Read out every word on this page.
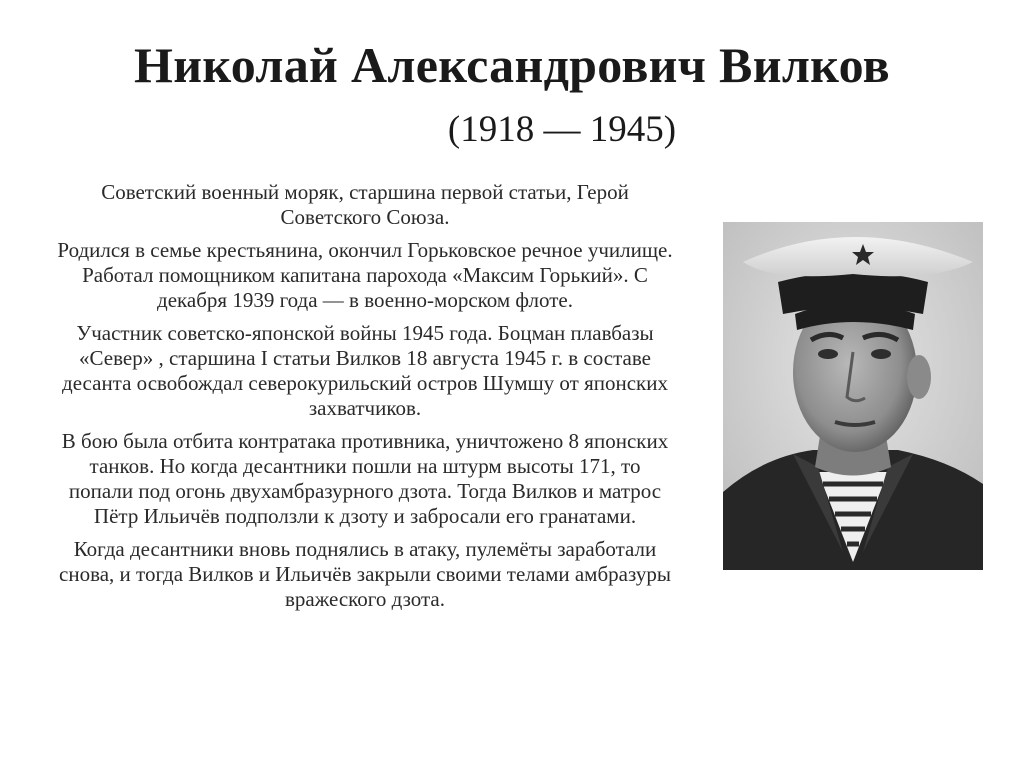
Николай Александрович Вилков
(1918 — 1945)

Советский военный моряк, старшина первой статьи, Герой Советского Союза.

Родился в семье крестьянина, окончил Горьковское речное училище. Работал помощником капитана парохода «Максим Горький». С декабря 1939 года — в военно-морском флоте.

Участник советско-японской войны 1945 года. Боцман плавбазы «Север» , старшина I статьи Вилков 18 августа 1945 г. в составе десанта освобождал северокурильский остров Шумшу от японских захватчиков.

В бою была отбита контратака противника, уничтожено 8 японских танков. Но когда десантники пошли на штурм высоты 171, то попали под огонь двухамбразурного дзота. Тогда Вилков и матрос Пётр Ильичёв подползли к дзоту и забросали его гранатами.

Когда десантники вновь поднялись в атаку, пулемёты заработали снова, и тогда Вилков и Ильичёв закрыли своими телами амбразуры вражеского дзота.
